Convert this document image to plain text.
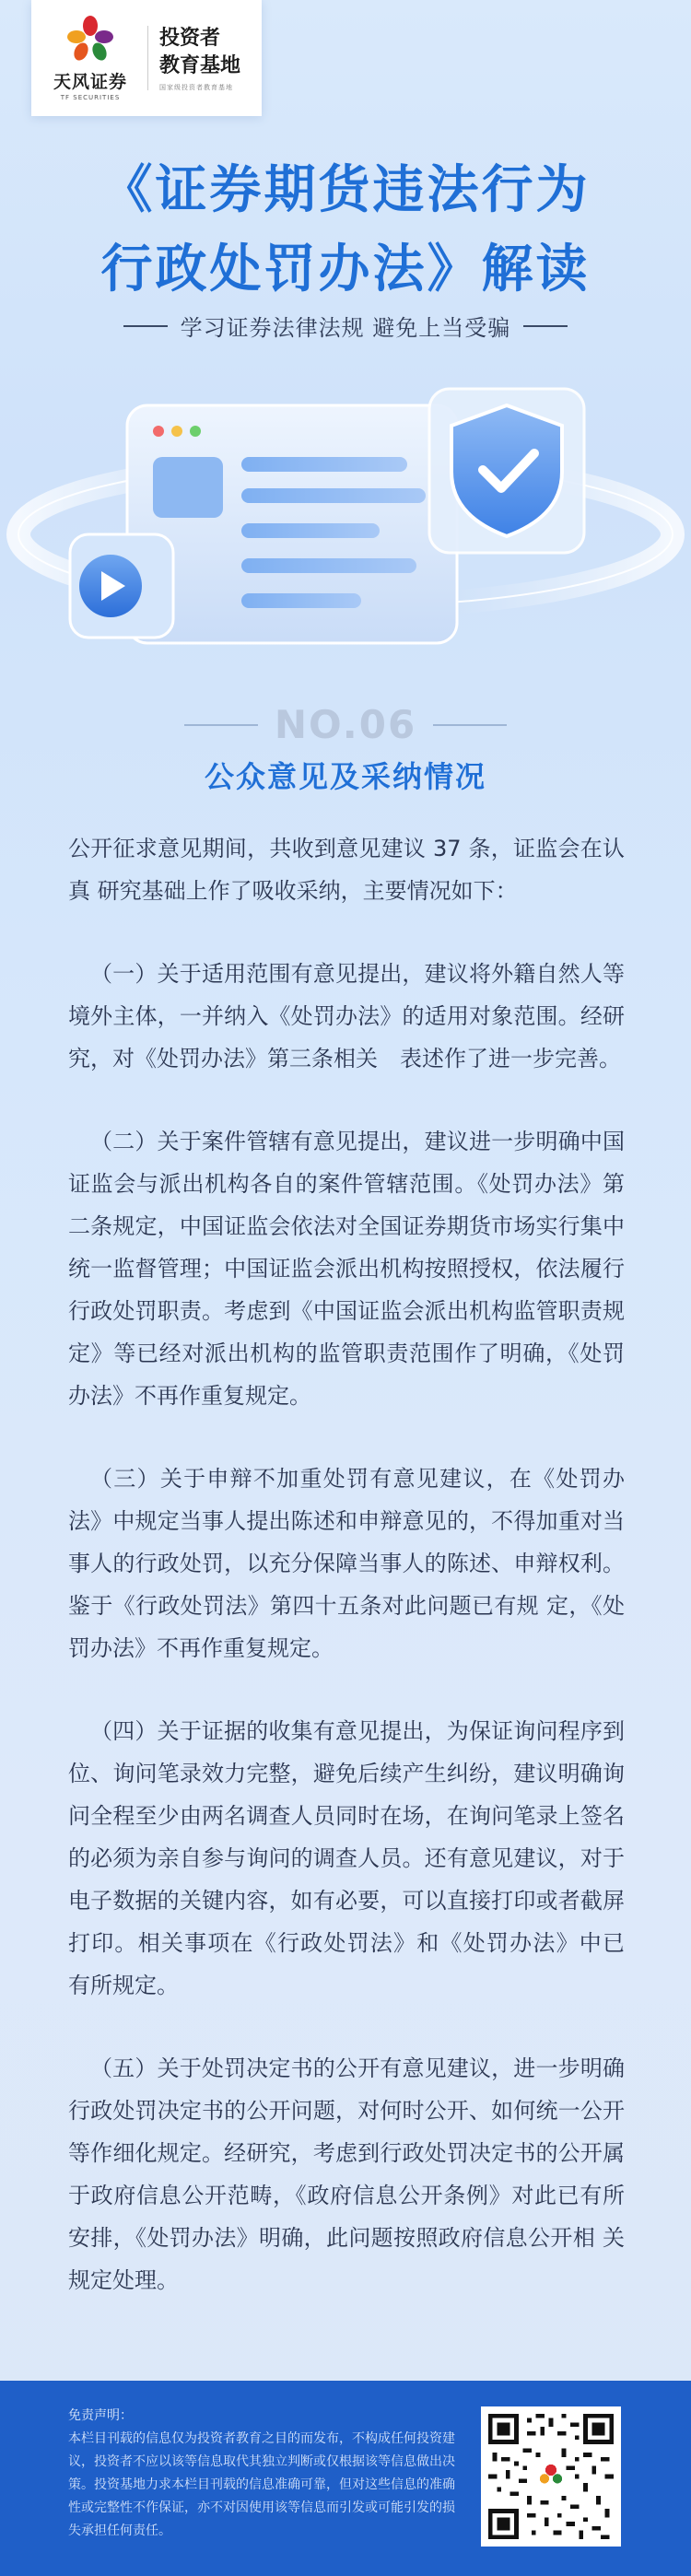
天风证券
TF SECURITIES
投资者
教育基地
国家级投资者教育基地
《证券期货违法行为
行政处罚办法》解读
学习证券法律法规 避免上当受骗
NO.06
公众意见及采纳情况

公开征求意见期间，共收到意见建议 37 条，证监会在认真 研究基础上作了吸收采纳，主要情况如下：

（一）关于适用范围有意见提出，建议将外籍自然人等境外主体，一并纳入《处罚办法》的适用对象范围。经研究，对《处罚办法》第三条相关　表述作了进一步完善。

（二）关于案件管辖有意见提出，建议进一步明确中国证监会与派出机构各自的案件管辖范围。《处罚办法》第二条规定，中国证监会依法对全国证券期货市场实行集中统一监督管理；中国证监会派出机构按照授权，依法履行行政处罚职责。考虑到《中国证监会派出机构监管职责规定》等已经对派出机构的监管职责范围作了明确，《处罚办法》不再作重复规定。

（三）关于申辩不加重处罚有意见建议，在《处罚办法》中规定当事人提出陈述和申辩意见的，不得加重对当事人的行政处罚，以充分保障当事人的陈述、申辩权利。鉴于《行政处罚法》第四十五条对此问题已有规 定，《处罚办法》不再作重复规定。

（四）关于证据的收集有意见提出，为保证询问程序到位、询问笔录效力完整，避免后续产生纠纷，建议明确询问全程至少由两名调查人员同时在场，在询问笔录上签名的必须为亲自参与询问的调查人员。还有意见建议，对于电子数据的关键内容，如有必要，可以直接打印或者截屏打印。相关事项在《行政处罚法》和《处罚办法》中已 有所规定。

（五）关于处罚决定书的公开有意见建议，进一步明确行政处罚决定书的公开问题，对何时公开、如何统一公开等作细化规定。经研究，考虑到行政处罚决定书的公开属于政府信息公开范畴，《政府信息公开条例》对此已有所安排，《处罚办法》明确，此问题按照政府信息公开相 关规定处理。

免责声明：
本栏目刊载的信息仅为投资者教育之目的而发布，不构成任何投资建议，投资者不应以该等信息取代其独立判断或仅根据该等信息做出决策。投资基地力求本栏目刊载的信息准确可靠，但对这些信息的准确性或完整性不作保证，亦不对因使用该等信息而引发或可能引发的损失承担任何责任。
